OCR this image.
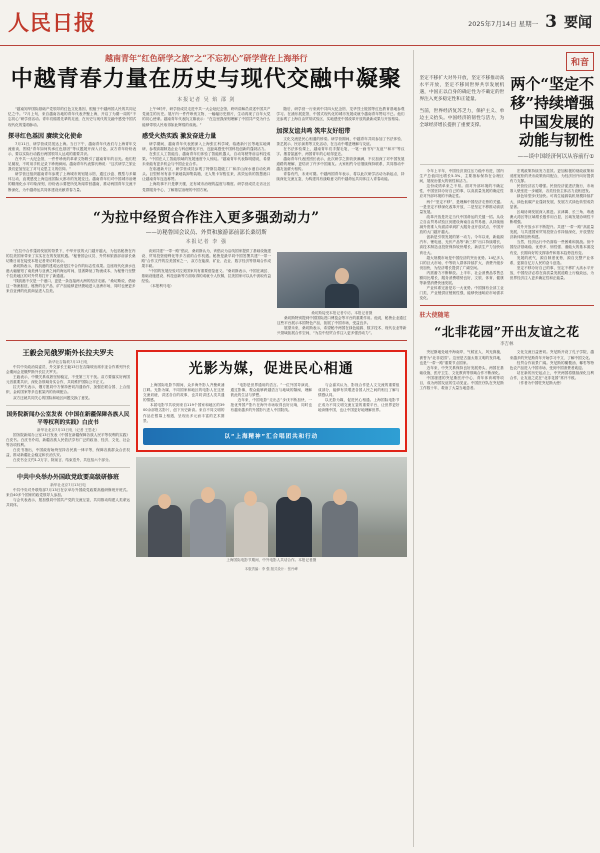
人民日报	2025年7月14日 星期一 3 要闻
越南青年“红色研学之旅”之“不忘初心”研学营在上海举行
中越青春力量在历史与现代交融中凝聚
本报记者 吴 焰 邵 剑
“越南知华国际基础产党领导的红色文化基因，根植于中越两国人民的共同记忆之中。”7月上旬，来自越南各地的青年代表齐聚上海，开启了为期一周的“不忘初心”研学营活动。青年们循着先辈的足迹，在历史与现代的交融中感受中国式现代化的蓬勃脉动。
探寻红色基因 赓续文化使命
7月11日，研学营成员抵达上海。当日下午，越南青年代表们与上海青年交流座谈，围绕“青年如何传承红色基因”等议题展开深入讨论。双方青年纷纷表示，要以实际行动践行两国领导人达成的重要共识。
在中共一大纪念馆，一件件珍贵的革命文物吸引了越南青年的目光。他们驻足凝视，不时用手机记录下珍贵瞬间。越南青年代表黎氏梅说：“这次研学之旅让我们更加坚定了对马克思主义的信仰。”
研学营还组织越南青年参观了上海城市规划展示馆，通过沙盘、模型与多媒体互动，直观感受上海这座国际大都市的发展变迁。越南青年们对中国城市治理的精细化水平印象深刻，纷纷表示要把所见所闻带回越南，推动两国青年交流不断深化，为中越命运共同体建设贡献青春力量。
上午9时许，研学营成员走进中共一大会址纪念馆，聆听讲解员讲述中国共产党诞生的历史。展厅内一件件珍贵文物、一幅幅历史照片，生动再现了百年大党的初心使命。越南青年代表阮文雄表示：“在这里我深刻理解了中国共产党为什么能够带领人民取得如此辉煌的成就。”
感受火热实践 激发奋进力量
研学期间，越南青年代表团深入上海张江科学城、临港新片区等地实地调研，参观高端制造企业与科创孵化平台，近距离感受中国科技创新的蓬勃活力。
在张江人工智能岛，越南青年们体验了智能机器人、自动驾驶等前沿科技成果。“中国在人工智能领域的发展速度令人惊叹。”越南青年代表陈明德说，希望未来能有更多机会与中国企业合作。
在临港新片区，研学营成员参观了特斯拉超级工厂和洋山深水港自动化码头。巨型桥吊有条不紊地装卸集装箱，无人集卡穿梭往来，高效运转的智慧港口让越南青年连连称赞。
上海故事不只是摩天楼，还有城市治理的温度与精度。研学营成员走访社区党群服务中心，了解基层治理的中国方案。
随后，研学营一行来到中共四大纪念馆、龙华烈士陵园等红色教育基地参观学习。在浦东展览馆，中国式现代化的城市发展成就令越南青年赞叹不已。他们还参观了上海自由贸易试验区，实地感受中国改革开放的最新成果与开放格局。
加深友谊共鸣 筑牢友好纽带
文化交流是民心相通的桥梁。研学营期间，中越青年共同参加了书法体验、茶艺展示、民乐演奏等文化活动，在互动中增进理解与友谊。
在书法体验课上，越南青年们手握毛笔，一笔一画书写“友谊”“和平”等汉字。墨香氤氲中，两国青年的心贴得更近。
越南青年代表团团长表示，此次研学之旅收获满满，不仅加深了对中国发展道路的理解，更结识了许多中国朋友。大家相约今后继续保持联系，共同推动中越友谊薪火相传。
青春有约，未来可期。中越两国青年表示，将以此次研学活动为新起点，持续深化交流互鉴，为构建具有战略意义的中越命运共同体注入青春动能。
“为拉中经贸合作注入更多强劲动力”
——访秘鲁国会议员、外贸和旅游部前部长桑切斯
本报记者 李 强
“在拉中合作蓬勃发展的背景下，中华开放的大门越开越大，为包括秘鲁在内的拉美国家带来了实实在在的发展机遇。”秘鲁国会议员、外贸和旅游部前部长桑切斯日前在接受本报记者采访时表示。
桑切斯表示，钱凯港的建成运营是拉中合作的标志性成果。这座现代化深水良港大幅缩短了南美洲与亚洲之间的海运时间，显著降低了物流成本，为秘鲁乃至整个拉美地区的对外贸易打开了新通道。
“钱凯港不仅是一个港口，更是一条连接两大洲的经济走廊。”桑切斯说，借助这一物流枢纽，秘鲁的农产品、矿产品能够更快捷地进入亚洲市场，同时也使更多来自亚洲的优质商品进入拉美。
谈到共建“一带一路”倡议，桑切斯认为，该倡议为沿线国家提供了基础设施建设、贸易投资便利化等多方面的合作机遇。秘鲁是最早同中国签署共建“一带一路”合作文件的拉美国家之一，双方在能源、矿业、农业、数字经济等领域合作成果丰硕。
“中国的发展经验对拉美国家具有重要借鉴意义。”桑切斯表示，中国在减贫、基础设施建设、科技创新等方面取得的成就令人钦佩，拉美国家可以从中汲取有益经验。
（本报利马电）
桑切斯接受本报记者专访。本报记者摄
桑切斯特别提到中国国际进口博览会等平台的重要作用。他说，秘鲁企业通过这些平台展示本国特色产品，拓展了中国市场，受益良多。
展望未来，桑切斯表示，希望秘中两国在绿色能源、数字技术、现代农业等新兴领域拓展合作空间，“为拉中经贸合作注入更多强劲动力”。
王毅会见俄罗斯外长拉夫罗夫
新华社吉隆坡7月13日电
中共中央政治局委员、外交部长王毅13日在吉隆坡出席东亚合作系列外长会期间会见俄罗斯外长拉夫罗夫。
王毅表示，中俄关系成熟坚韧稳定，不受第三方干扰。双方要落实好两国元首重要共识，深化各领域务实合作，共同维护国际公平正义。
拉夫罗夫表示，俄方愿同中方保持密切沟通协作，加强在联合国、上合组织、金砖国家等多边框架内的协调配合。
双方还就共同关心的国际和地区问题交换了意见。
国务院新闻办公室发表《中国在新疆保障各族人民平等权利的实践》白皮书
新华社北京7月13日电（记者 王思北）
国务院新闻办公室13日发表《中国在新疆保障各族人民平等权利的实践》白皮书。白皮书介绍，新疆各族人民依法享有广泛的政治、经济、文化、社会等各项权利。
白皮书指出，中国政府始终坚持各民族一律平等，保障各族群众合法权益，推动新疆社会稳定和长治久安。
白皮书全文约1.2万字，除前言、结束语外，共包括六个部分。
中共中央举办外国政党政要高级研修班
新华社北京7月13日电
中共中央对外联络部7月13日在京举办外国政党政要高级研修班开班式。来自40多个国家的政党领导人参加。
与会代表表示，愿加强同中国共产党的交流互鉴，共同推动构建人类命运共同体。
光影为媒，促进民心相通
上海国际电影节期间，众多海外影人齐聚黄浦江畔。光影为媒，不同国家和地区的电影人在这里交流切磋，讲述各自的故事，也共同讲述人类共通的情感。
本届电影节共收到来自119个国家和地区的3900余部报名影片，创下历史新高。来自不同文明的作品在银幕上相遇，呈现出多元而丰富的艺术图景。
“电影是世界通用的语言。”一位外国导演说，通过影像，观众能够跨越语言与地域的隔阂，理解彼此的生活与梦想。
近年来，中国电影“走出去”步伐不断加快，一批优秀国产影片在海外市场取得良好反响，同时也有越来越多的外国影片进入中国院线。
与会嘉宾认为，影视合作是人文交流的重要组成部分，能够有效增进各国人民之间的相互了解与情感认同。
以光影为媒，促进民心相通。上海国际电影节正成为不同文明交流互鉴的重要平台，让世界更好地读懂中国，也让中国更好地理解世界。
以“上海精神”汇合唱团共和行动
上海国际电影节期间，中外电影人共话合作。本报记者摄
本版责编：李 强 版式设计：张丹峰
和音
坚定不移扩大对外开放，坚定不移推动高水平开放，坚定不移同世界共享发展机遇，中国正以自身的确定性为不确定的世界注入更多稳定性和正能量。
当前，世界经济复苏乏力，保护主义、单边主义抬头。中国经济的韧性与活力，为全球经济增长提供了重要支撑。
两个“坚定不移”持续增强中国发展的动能与韧性
——谈中国经济何以从容前行①
今年上半年，中国经济顶住压力稳中有进，国内生产总值同比增长5.3%，主要指标保持在合理区间，展现出强大的韧性和活力。
这份成绩单来之不易。面对外部环境的不确定性，中国坚持办好自己的事，以高质量发展的确定性应对外部环境的不确定性。
两个“坚定不移”，是理解中国经济走势的关键。一是坚定不移深化改革开放，二是坚定不移推动高质量发展。
改革开放是决定当代中国命运的关键一招。从设立自由贸易试验区到建设海南自由贸易港，从持续缩减外资准入负面清单到扩大服务业开放试点，中国开放的大门越开越大。
创新是引领发展的第一动力。今年以来，新能源汽车、锂电池、光伏产品等“新三样”出口持续增长，高技术制造业投资保持较快增长，新质生产力加快培育壮大。
超大规模市场是中国经济的突出优势。14亿多人口的巨大市场，中等收入群体持续扩大，消费升级步伐加快，为经济增长提供了广阔空间。
内需潜力不断释放。上半年，社会消费品零售总额同比增长，服务消费增势良好，文旅、体育、健康等新型消费快速发展。
产业体系完备是另一大优势。中国拥有全部工业门类，产业链供应链韧性强，能够快速响应市场需求变化。
宏观政策持续发力显效。更加积极的财政政策和适度宽松的货币政策协同配合，为经济回升向好提供有力支撑。
民营经济活力增强。民营经济促进法施行，市场准入壁垒进一步破除，各类经营主体活力竞相迸发。
绿色转型步伐加快。可再生能源装机规模持续扩大，绿色低碳产业蓬勃发展，发展方式绿色转型成效显著。
区域协调发展深入推进。京津冀、长三角、粤港澳大湾区等区域增长极作用凸显，区域发展协调性不断增强。
对外开放水平不断提升。共建“一带一路”高质量发展，与共建国家贸易投资合作持续深化，开放型经济新体制加快构建。
当然，经济运行中仍面临一些困难和挑战。但中国经济基础稳、优势多、韧性强、潜能大的基本面没有变，长期向好的支撑条件和基本趋势没有变。
发展的底气，源自制度优势，源自完整产业体系，更源自亿万人民的奋斗创造。
坚定不移办好自己的事，坚定不移扩大高水平开放，中国经济必将在高质量发展道路上行稳致远，为世界经济注入更多确定性和正能量。
驻大使随笔
“北非花园”开出友谊之花
李吉林
突尼斯地处地中海南岸，气候宜人、风光旖旎，被誉为“北非花园”。这里是古迦太基文明的发祥地，也是“一带一路”重要节点国家。
近年来，中突关系保持良好发展势头，两国在基础设施、医疗卫生、文化教育等领域合作不断深化。
中国援建的突尼斯医疗中心、青年体育城等项目，成为两国友谊的生动见证。中国医疗队在突尼斯工作数十年，救治了大量当地患者。
文化交流日益密切。突尼斯开设了孔子学院，越来越多的突尼斯青年开始学习中文、了解中国文化。
经贸合作前景广阔。突尼斯的橄榄油、椰枣等特色农产品进入中国市场，受到中国消费者欢迎。
站在新的历史起点上，中突两国将继续深化互利合作，让友谊之花在“北非花园”常开不败。
（作者为中国驻突尼斯大使）
